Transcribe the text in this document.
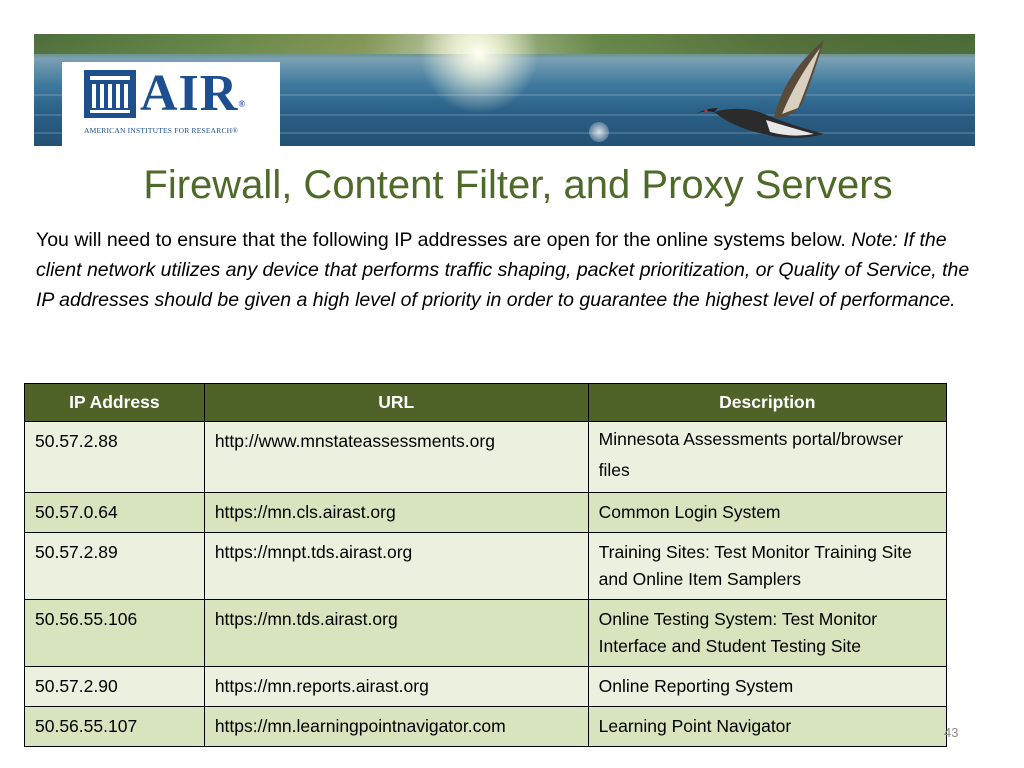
AIR®
AMERICAN INSTITUTES FOR RESEARCH®
Firewall, Content Filter, and Proxy Servers
You will need to ensure that the following IP addresses are open for the online systems below. Note: If the client network utilizes any device that performs traffic shaping, packet prioritization, or Quality of Service, the IP addresses should be given a high level of priority in order to guarantee the highest level of performance.
IP Address	URL	Description
50.57.2.88	http://www.mnstateassessments.org	Minnesota Assessments portal/browser files
50.57.0.64	https://mn.cls.airast.org	Common Login System
50.57.2.89	https://mnpt.tds.airast.org	Training Sites: Test Monitor Training Site and Online Item Samplers
50.56.55.106	https://mn.tds.airast.org	Online Testing System: Test Monitor Interface and Student Testing Site
50.57.2.90	https://mn.reports.airast.org	Online Reporting System
50.56.55.107	https://mn.learningpointnavigator.com	Learning Point Navigator	43
